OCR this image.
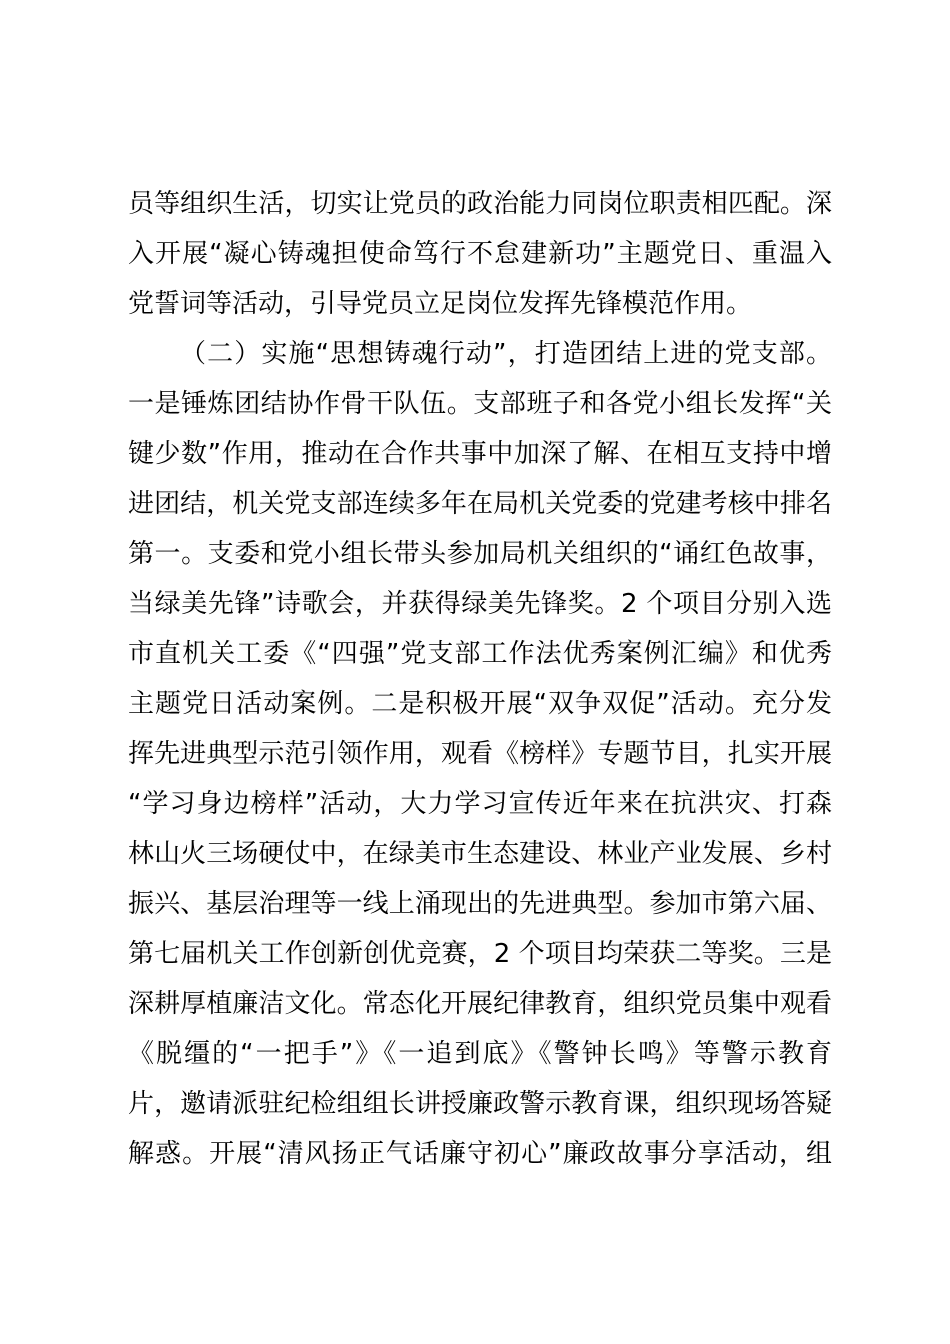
员等组织生活，切实让党员的政治能力同岗位职责相匹配。深
入开展“凝心铸魂担使命笃行不怠建新功”主题党日、重温入
党誓词等活动，引导党员立足岗位发挥先锋模范作用。
（二）实施“思想铸魂行动”，打造团结上进的党支部。
一是锤炼团结协作骨干队伍。支部班子和各党小组长发挥“关
键少数”作用，推动在合作共事中加深了解、在相互支持中增
进团结，机关党支部连续多年在局机关党委的党建考核中排名
第一。支委和党小组长带头参加局机关组织的“诵红色故事，
当绿美先锋”诗歌会，并获得绿美先锋奖。2 个项目分别入选
市直机关工委《“四强”党支部工作法优秀案例汇编》和优秀
主题党日活动案例。二是积极开展“双争双促”活动。充分发
挥先进典型示范引领作用，观看《榜样》专题节目，扎实开展
“学习身边榜样”活动，大力学习宣传近年来在抗洪灾、打森
林山火三场硬仗中，在绿美市生态建设、林业产业发展、乡村
振兴、基层治理等一线上涌现出的先进典型。参加市第六届、
第七届机关工作创新创优竞赛，2 个项目均荣获二等奖。三是
深耕厚植廉洁文化。常态化开展纪律教育，组织党员集中观看
《脱缰的“一把手”》《一追到底》《警钟长鸣》等警示教育
片，邀请派驻纪检组组长讲授廉政警示教育课，组织现场答疑
解惑。开展“清风扬正气话廉守初心”廉政故事分享活动，组
